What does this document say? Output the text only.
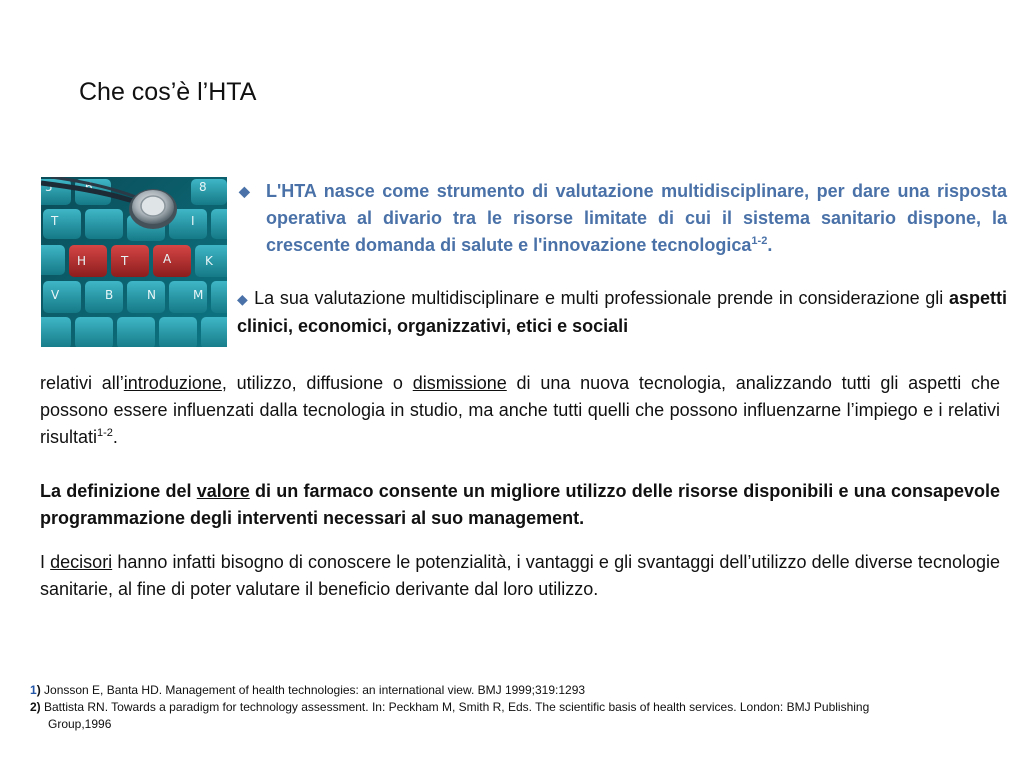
Che cos’è l’HTA
5
T	I
H	T	A	K
V	B	N	M
6	8 ◆ L'HTA nasce come strumento di valutazione multidisciplinare, per dare una risposta operativa al divario tra le risorse limitate di cui il sistema sanitario dispone, la crescente domanda di salute e l'innovazione tecnologica$^{1-2}$.
◆ La sua valutazione multidisciplinare e multi professionale prende in considerazione gli aspetti clinici, economici, organizzativi, etici e sociali
relativi all’introduzione, utilizzo, diffusione o dismissione di una nuova tecnologia, analizzando tutti gli aspetti che possono essere influenzati dalla tecnologia in studio, ma anche tutti quelli che possono influenzarne l’impiego e i relativi risultati$^{1-2}$.
La definizione del valore di un farmaco consente un migliore utilizzo delle risorse disponibili e una consapevole programmazione degli interventi necessari al suo management.
I decisori hanno infatti bisogno di conoscere le potenzialità, i vantaggi e gli svantaggi dell’utilizzo delle diverse tecnologie sanitarie, al fine di poter valutare il beneficio derivante dal loro utilizzo.
1) Jonsson E, Banta HD. Management of health technologies: an international view. BMJ 1999;319:1293
2) Battista RN. Towards a paradigm for technology assessment. In: Peckham M, Smith R, Eds. The scientific basis of health services. London: BMJ Publishing
Group,1996
